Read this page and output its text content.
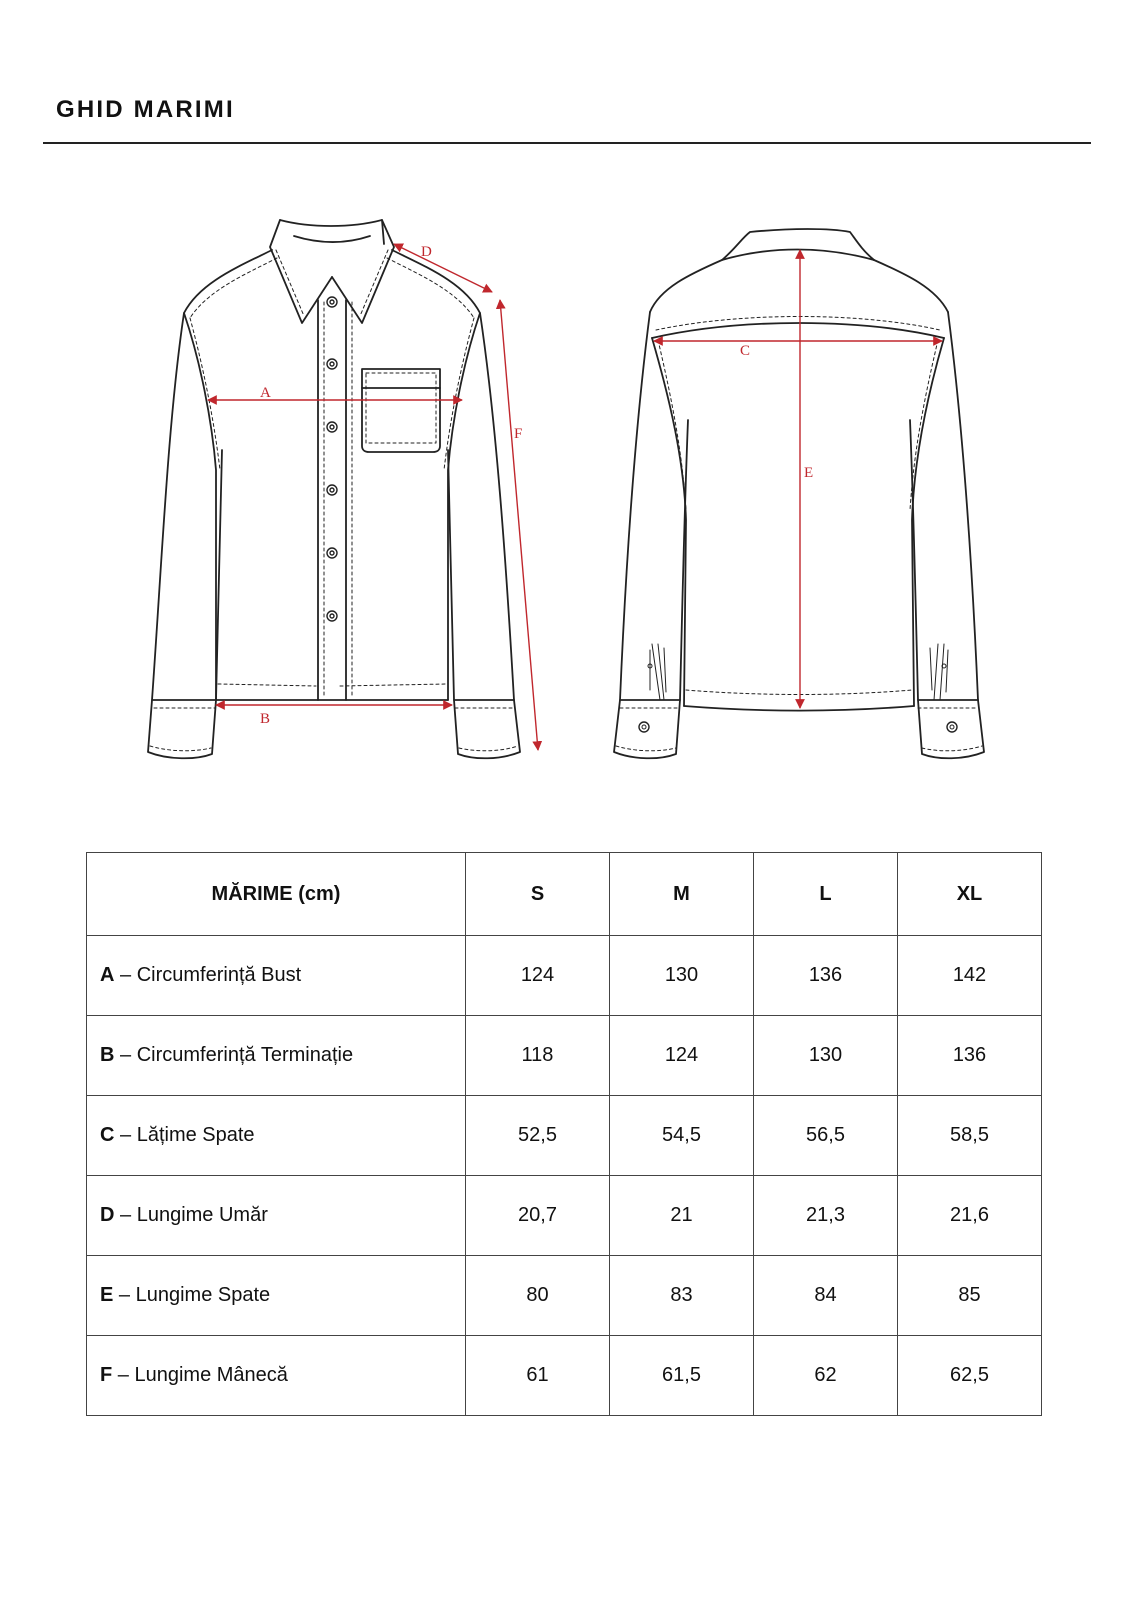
GHID MARIMI
A
B
D
F
C
E
MĂRIME (cm)	S	M	L	XL
A – Circumferință Bust	124	130	136	142
B – Circumferință Terminație	118	124	130	136
C – Lățime Spate	52,5	54,5	56,5	58,5
D – Lungime Umăr	20,7	21	21,3	21,6
E – Lungime Spate	80	83	84	85
F – Lungime Mânecă	61	61,5	62	62,5
